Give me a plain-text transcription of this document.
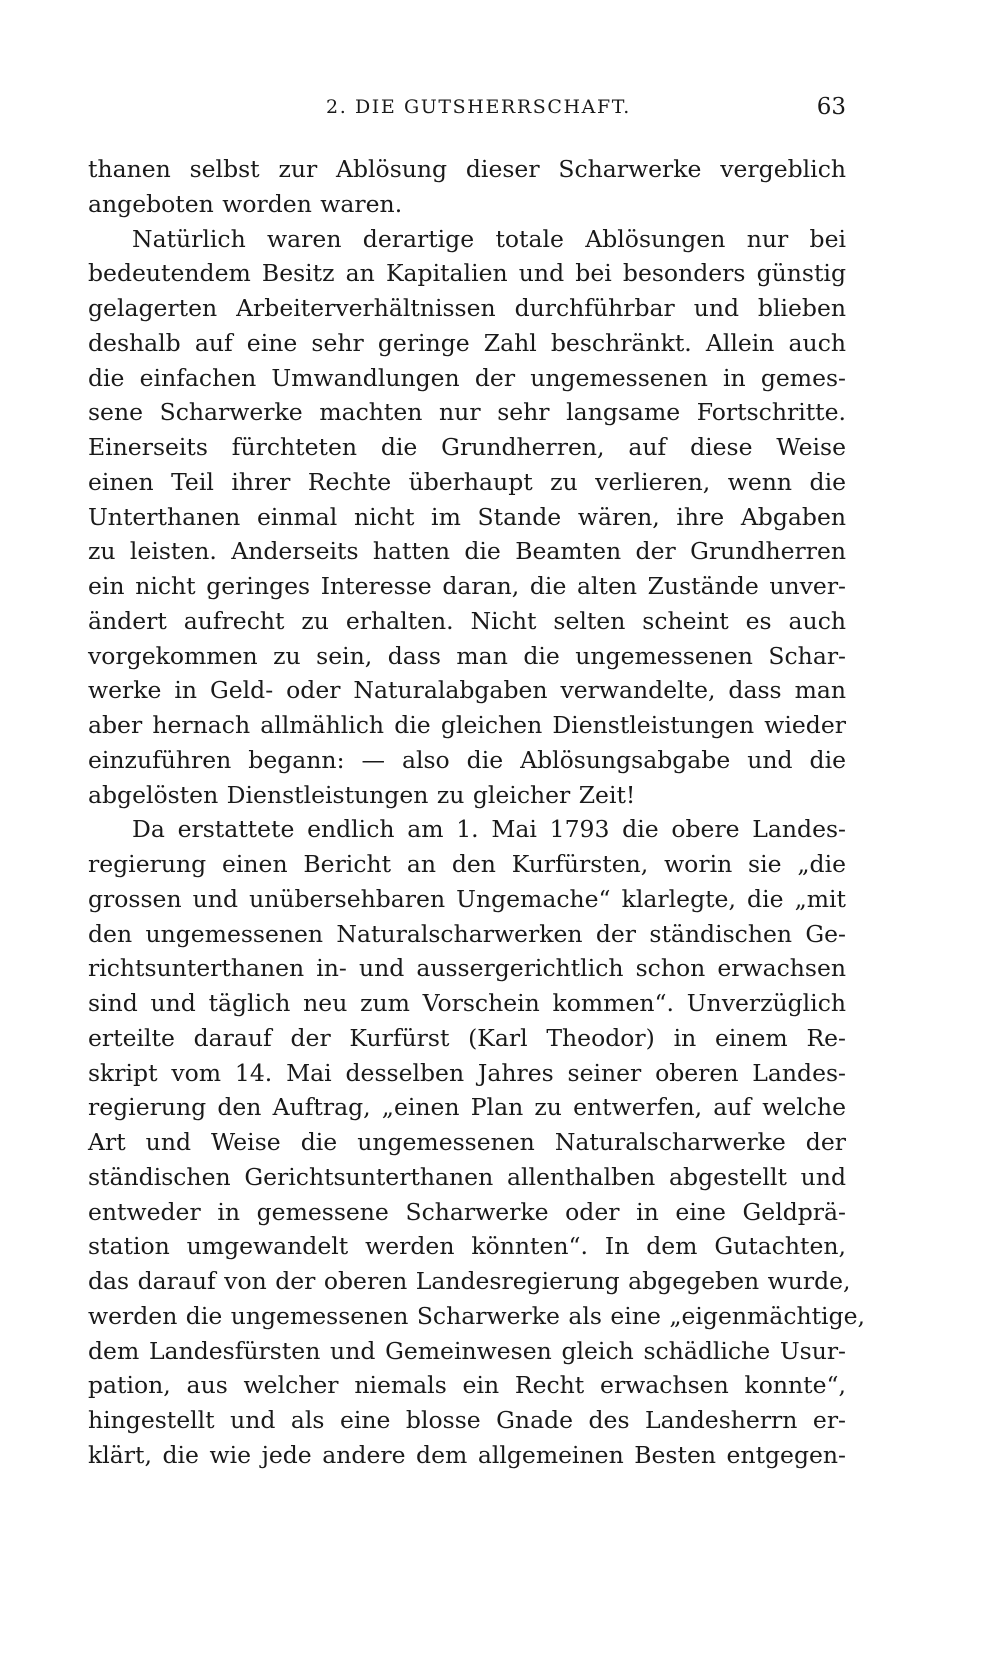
2. DIE GUTSHERRSCHAFT.	63
thanen selbst zur Ablösung dieser Scharwerke vergeblich
angeboten worden waren.
Natürlich waren derartige totale Ablösungen nur bei
bedeutendem Besitz an Kapitalien und bei besonders günstig
gelagerten Arbeiterverhältnissen durchführbar und blieben
deshalb auf eine sehr geringe Zahl beschränkt. Allein auch
die einfachen Umwandlungen der ungemessenen in gemes-
sene Scharwerke machten nur sehr langsame Fortschritte.
Einerseits fürchteten die Grundherren, auf diese Weise
einen Teil ihrer Rechte überhaupt zu verlieren, wenn die
Unterthanen einmal nicht im Stande wären, ihre Abgaben
zu leisten. Anderseits hatten die Beamten der Grundherren
ein nicht geringes Interesse daran, die alten Zustände unver-
ändert aufrecht zu erhalten. Nicht selten scheint es auch
vorgekommen zu sein, dass man die ungemessenen Schar-
werke in Geld- oder Naturalabgaben verwandelte, dass man
aber hernach allmählich die gleichen Dienstleistungen wieder
einzuführen begann: — also die Ablösungsabgabe und die
abgelösten Dienstleistungen zu gleicher Zeit!
Da erstattete endlich am 1. Mai 1793 die obere Landes-
regierung einen Bericht an den Kurfürsten, worin sie „die
grossen und unübersehbaren Ungemache“ klarlegte, die „mit
den ungemessenen Naturalscharwerken der ständischen Ge-
richtsunterthanen in- und aussergerichtlich schon erwachsen
sind und täglich neu zum Vorschein kommen“. Unverzüglich
erteilte darauf der Kurfürst (Karl Theodor) in einem Re-
skript vom 14. Mai desselben Jahres seiner oberen Landes-
regierung den Auftrag, „einen Plan zu entwerfen, auf welche
Art und Weise die ungemessenen Naturalscharwerke der
ständischen Gerichtsunterthanen allenthalben abgestellt und
entweder in gemessene Scharwerke oder in eine Geldprä-
station umgewandelt werden könnten“. In dem Gutachten,
das darauf von der oberen Landesregierung abgegeben wurde,
werden die ungemessenen Scharwerke als eine „eigenmächtige,
dem Landesfürsten und Gemeinwesen gleich schädliche Usur-
pation, aus welcher niemals ein Recht erwachsen konnte“,
hingestellt und als eine blosse Gnade des Landesherrn er-
klärt, die wie jede andere dem allgemeinen Besten entgegen-
